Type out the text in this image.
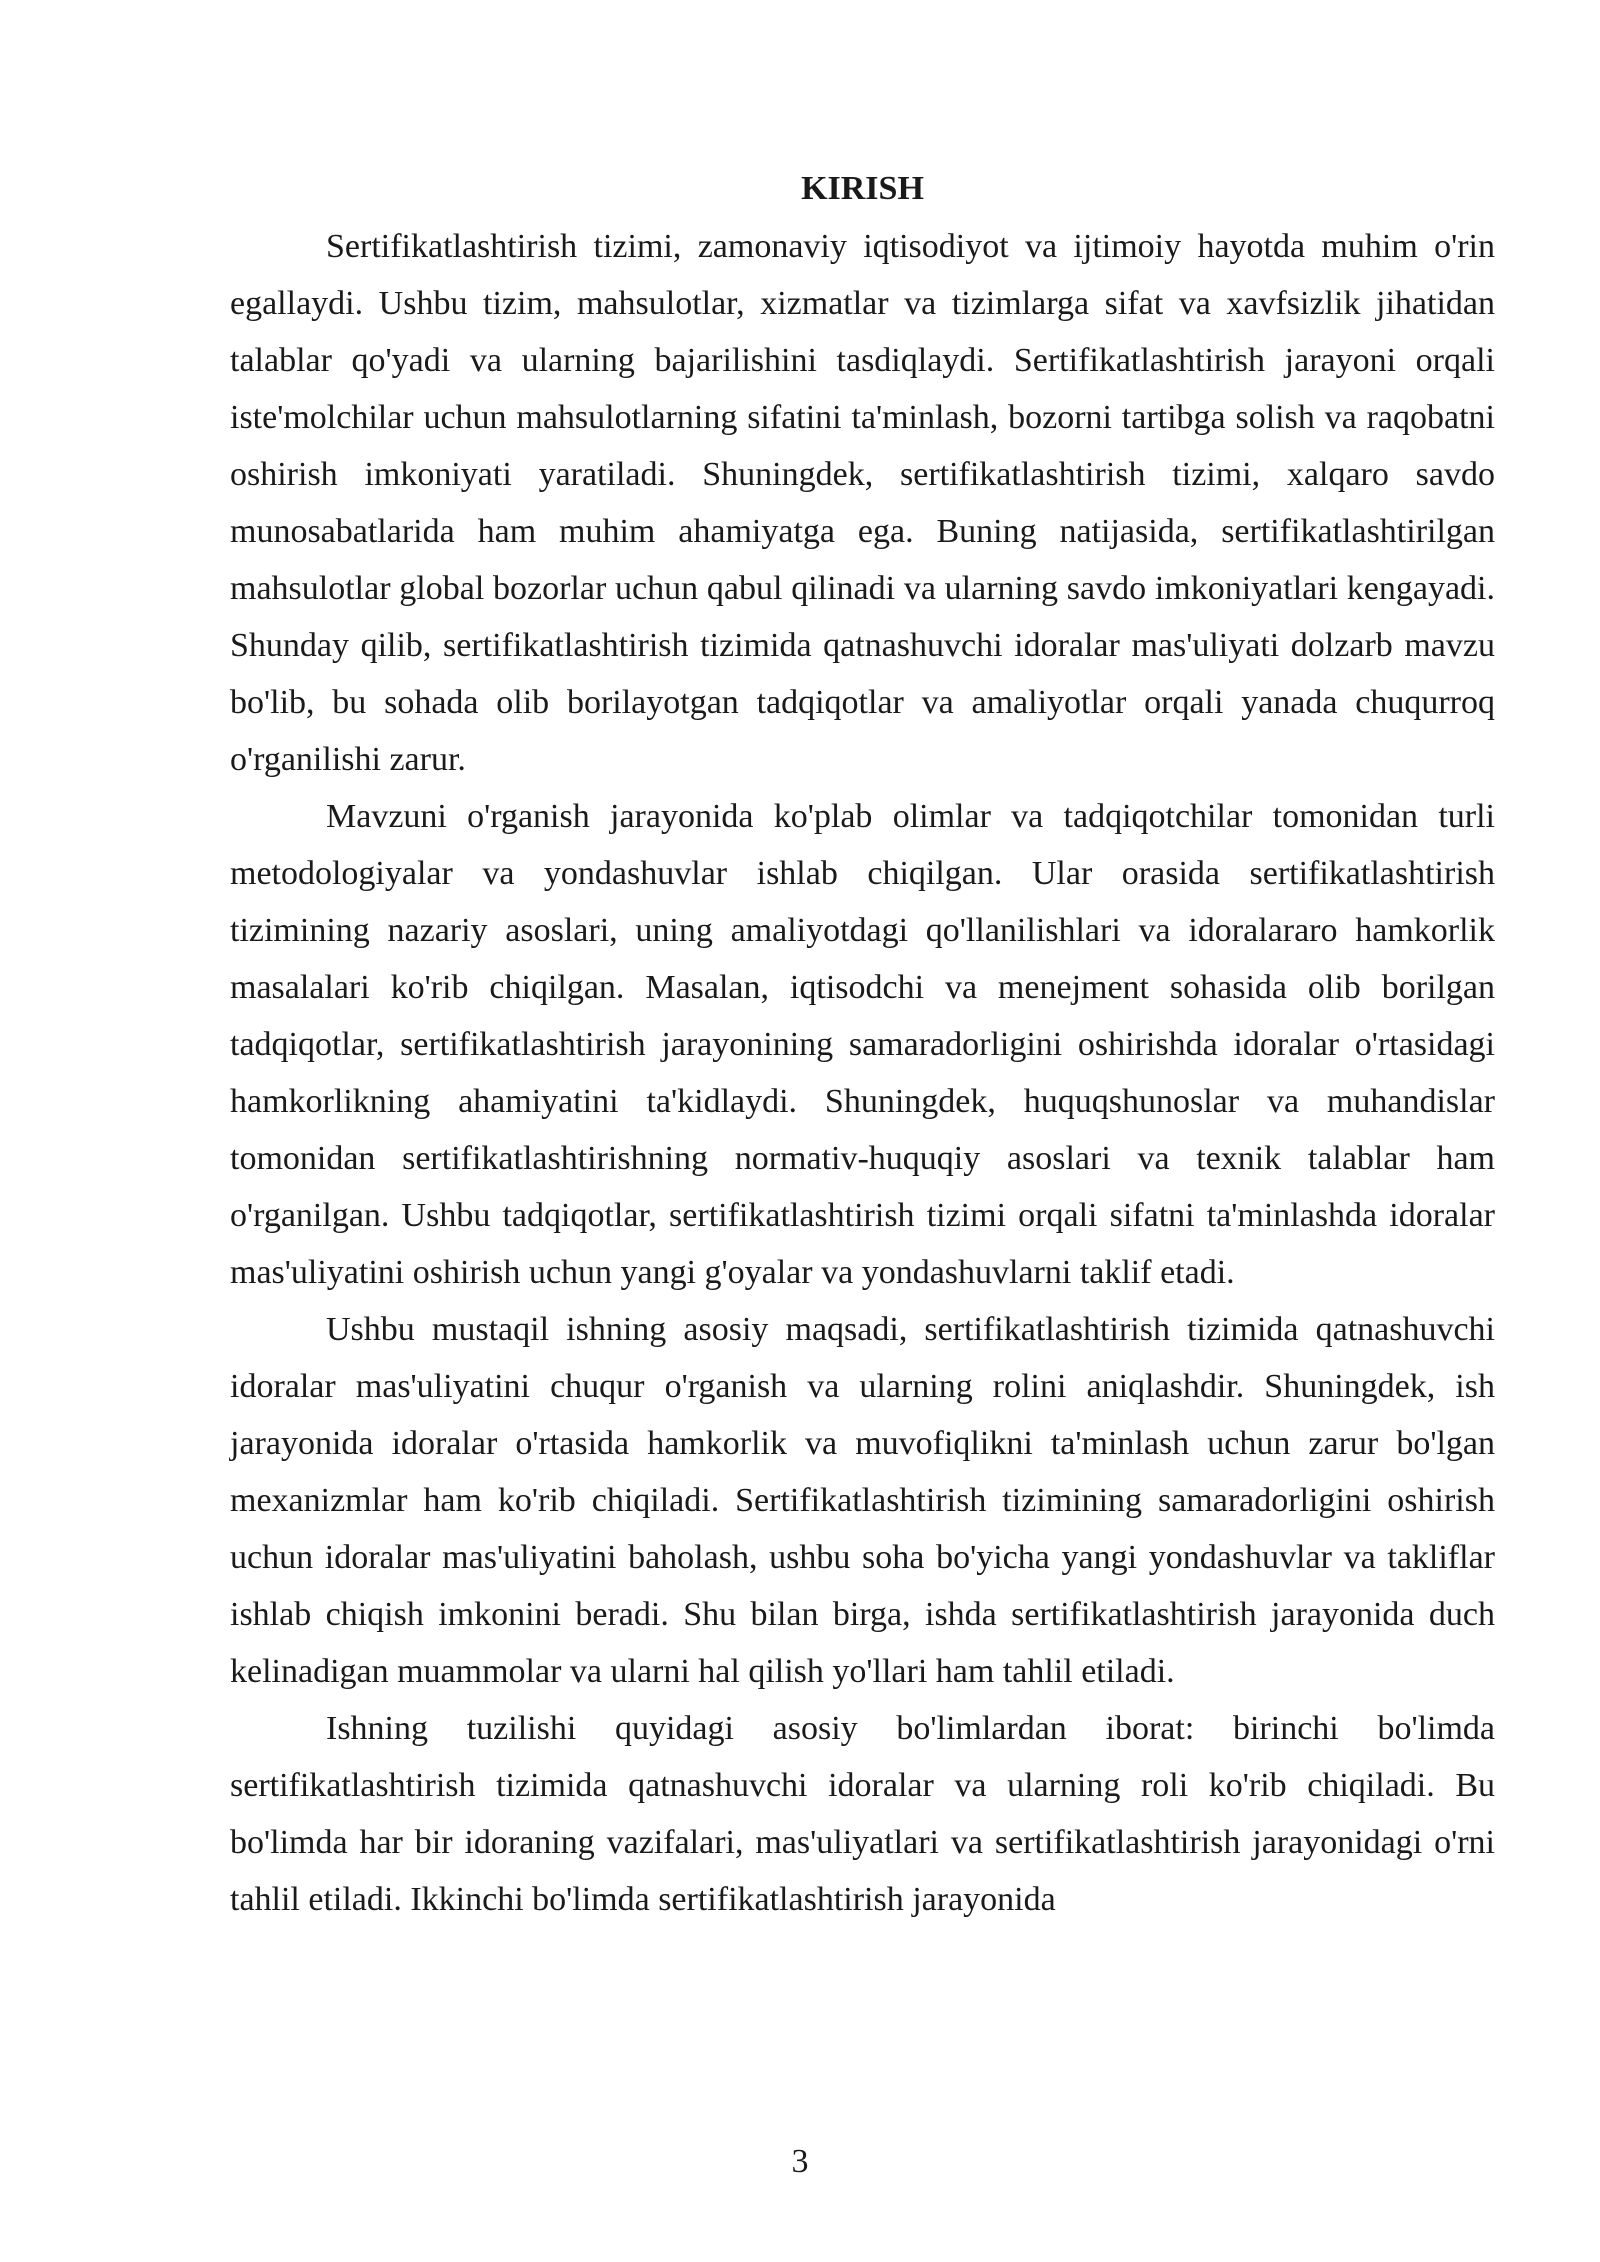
KIRISH

Sertifikatlashtirish tizimi, zamonaviy iqtisodiyot va ijtimoiy hayotda muhim o'rin egallaydi. Ushbu tizim, mahsulotlar, xizmatlar va tizimlarga sifat va xavfsizlik jihatidan talablar qo'yadi va ularning bajarilishini tasdiqlaydi. Sertifikatlashtirish jarayoni orqali iste'molchilar uchun mahsulotlarning sifatini ta'minlash, bozorni tartibga solish va raqobatni oshirish imkoniyati yaratiladi. Shuningdek, sertifikatlashtirish tizimi, xalqaro savdo munosabatlarida ham muhim ahamiyatga ega. Buning natijasida, sertifikatlashtirilgan mahsulotlar global bozorlar uchun qabul qilinadi va ularning savdo imkoniyatlari kengayadi. Shunday qilib, sertifikatlashtirish tizimida qatnashuvchi idoralar mas'uliyati dolzarb mavzu bo'lib, bu sohada olib borilayotgan tadqiqotlar va amaliyotlar orqali yanada chuqurroq o'rganilishi zarur.

Mavzuni o'rganish jarayonida ko'plab olimlar va tadqiqotchilar tomonidan turli metodologiyalar va yondashuvlar ishlab chiqilgan. Ular orasida sertifikatlashtirish tizimining nazariy asoslari, uning amaliyotdagi qo'llanilishlari va idoralararo hamkorlik masalalari ko'rib chiqilgan. Masalan, iqtisodchi va menejment sohasida olib borilgan tadqiqotlar, sertifikatlashtirish jarayonining samaradorligini oshirishda idoralar o'rtasidagi hamkorlikning ahamiyatini ta'kidlaydi. Shuningdek, huquqshunoslar va muhandislar tomonidan sertifikatlashtirishning normativ-huquqiy asoslari va texnik talablar ham o'rganilgan. Ushbu tadqiqotlar, sertifikatlashtirish tizimi orqali sifatni ta'minlashda idoralar mas'uliyatini oshirish uchun yangi g'oyalar va yondashuvlarni taklif etadi.

Ushbu mustaqil ishning asosiy maqsadi, sertifikatlashtirish tizimida qatnashuvchi idoralar mas'uliyatini chuqur o'rganish va ularning rolini aniqlashdir. Shuningdek, ish jarayonida idoralar o'rtasida hamkorlik va muvofiqlikni ta'minlash uchun zarur bo'lgan mexanizmlar ham ko'rib chiqiladi. Sertifikatlashtirish tizimining samaradorligini oshirish uchun idoralar mas'uliyatini baholash, ushbu soha bo'yicha yangi yondashuvlar va takliflar ishlab chiqish imkonini beradi. Shu bilan birga, ishda sertifikatlashtirish jarayonida duch kelinadigan muammolar va ularni hal qilish yo'llari ham tahlil etiladi.

Ishning tuzilishi quyidagi asosiy bo'limlardan iborat: birinchi bo'limda sertifikatlashtirish tizimida qatnashuvchi idoralar va ularning roli ko'rib chiqiladi. Bu bo'limda har bir idoraning vazifalari, mas'uliyatlari va sertifikatlashtirish jarayonidagi o'rni tahlil etiladi. Ikkinchi bo'limda sertifikatlashtirish jarayonida

3
